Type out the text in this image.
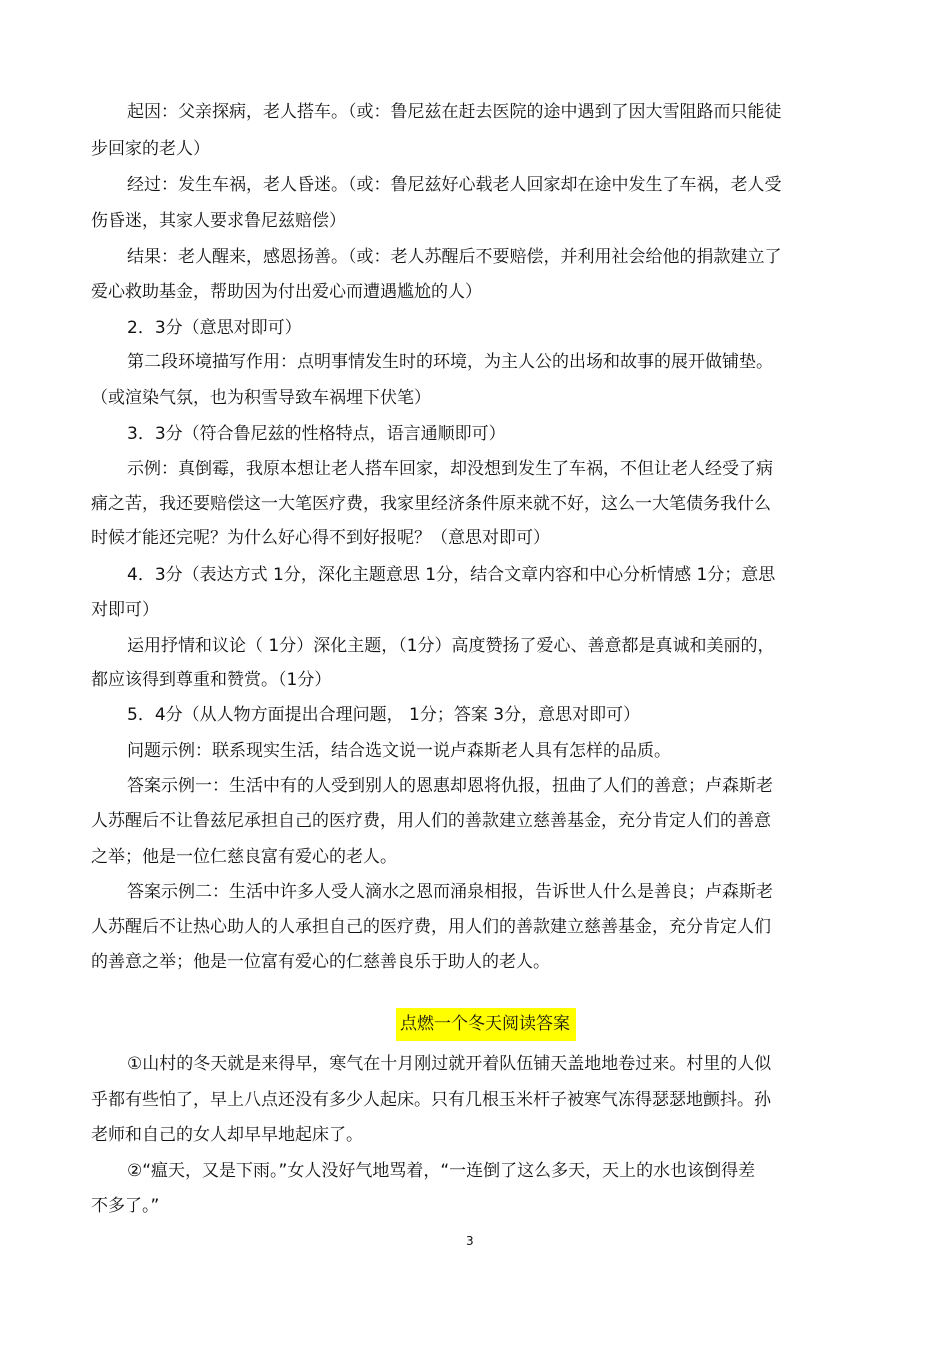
起因：父亲探病，老人搭车。（或：鲁尼兹在赶去医院的途中遇到了因大雪阻路而只能徒
步回家的老人）
经过：发生车祸，老人昏迷。（或：鲁尼兹好心载老人回家却在途中发生了车祸，老人受
伤昏迷，其家人要求鲁尼兹赔偿）
结果：老人醒来，感恩扬善。（或：老人苏醒后不要赔偿，并利用社会给他的捐款建立了
爱心救助基金，帮助因为付出爱心而遭遇尴尬的人）
2．3分（意思对即可）
第二段环境描写作用：点明事情发生时的环境，为主人公的出场和故事的展开做铺垫。
（或渲染气氛，也为积雪导致车祸埋下伏笔）
3．3分（符合鲁尼兹的性格特点，语言通顺即可）
示例：真倒霉，我原本想让老人搭车回家，却没想到发生了车祸，不但让老人经受了病
痛之苦，我还要赔偿这一大笔医疗费，我家里经济条件原来就不好，这么一大笔债务我什么
时候才能还完呢？为什么好心得不到好报呢？（意思对即可）
4．3分（表达方式 1分，深化主题意思 1分，结合文章内容和中心分析情感 1分；意思
对即可）
运用抒情和议论（ 1分）深化主题，（1分）高度赞扬了爱心、善意都是真诚和美丽的，
都应该得到尊重和赞赏。（1分）
5．4分（从人物方面提出合理问题， 1分；答案 3分，意思对即可）
问题示例：联系现实生活，结合选文说一说卢森斯老人具有怎样的品质。
答案示例一：生活中有的人受到别人的恩惠却恩将仇报，扭曲了人们的善意；卢森斯老
人苏醒后不让鲁兹尼承担自己的医疗费，用人们的善款建立慈善基金，充分肯定人们的善意
之举；他是一位仁慈良富有爱心的老人。
答案示例二：生活中许多人受人滴水之恩而涌泉相报，告诉世人什么是善良；卢森斯老
人苏醒后不让热心助人的人承担自己的医疗费，用人们的善款建立慈善基金，充分肯定人们
的善意之举；他是一位富有爱心的仁慈善良乐于助人的老人。
点燃一个冬天阅读答案
①山村的冬天就是来得早，寒气在十月刚过就开着队伍铺天盖地地卷过来。村里的人似
乎都有些怕了，早上八点还没有多少人起床。只有几根玉米杆子被寒气冻得瑟瑟地颤抖。孙
老师和自己的女人却早早地起床了。
②“瘟天，又是下雨。”女人没好气地骂着，“一连倒了这么多天，天上的水也该倒得差
不多了。”
3
